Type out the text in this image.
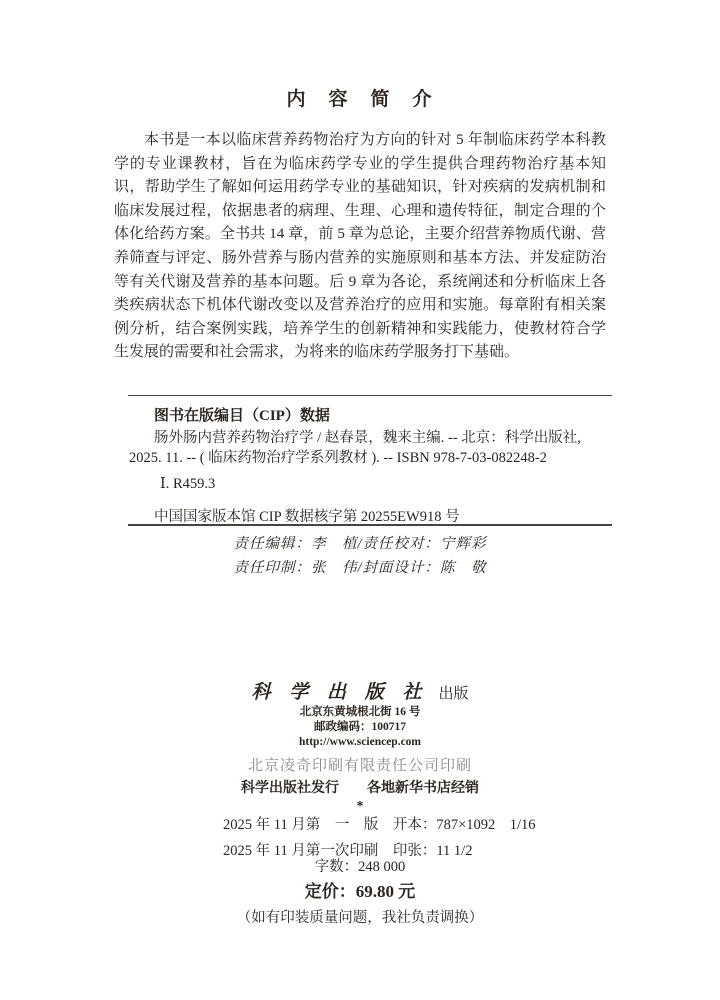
内　容　简　介

本书是一本以临床营养药物治疗为方向的针对 5 年制临床药学本科教学的专业课教材，旨在为临床药学专业的学生提供合理药物治疗基本知识，帮助学生了解如何运用药学专业的基础知识，针对疾病的发病机制和临床发展过程，依据患者的病理、生理、心理和遗传特征，制定合理的个体化给药方案。全书共 14 章，前 5 章为总论，主要介绍营养物质代谢、营养筛查与评定、肠外营养与肠内营养的实施原则和基本方法、并发症防治等有关代谢及营养的基本问题。后 9 章为各论，系统阐述和分析临床上各类疾病状态下机体代谢改变以及营养治疗的应用和实施。每章附有相关案例分析，结合案例实践，培养学生的创新精神和实践能力，使教材符合学生发展的需要和社会需求，为将来的临床药学服务打下基础。

图书在版编目（CIP）数据
肠外肠内营养药物治疗学 / 赵春景，魏来主编. -- 北京：科学出版社,
2025. 11. -- ( 临床药物治疗学系列教材 ). -- ISBN 978-7-03-082248-2
Ⅰ. R459.3
中国国家版本馆 CIP 数据核字第 20255EW918 号
责任编辑：李　植/责任校对：宁辉彩
责任印制：张　伟/封面设计：陈　敬
科 学 出 版 社 出版
北京东黄城根北街 16 号
邮政编码：100717
http://www.sciencep.com
北京凌奇印刷有限责任公司印刷
科学出版社发行　　各地新华书店经销
*
2025 年 11 月第　一　版　开本：787×1092　1/16
2025 年 11 月第一次印刷　印张：11 1/2
字数：248 000
定价：69.80 元
（如有印装质量问题，我社负责调换）
